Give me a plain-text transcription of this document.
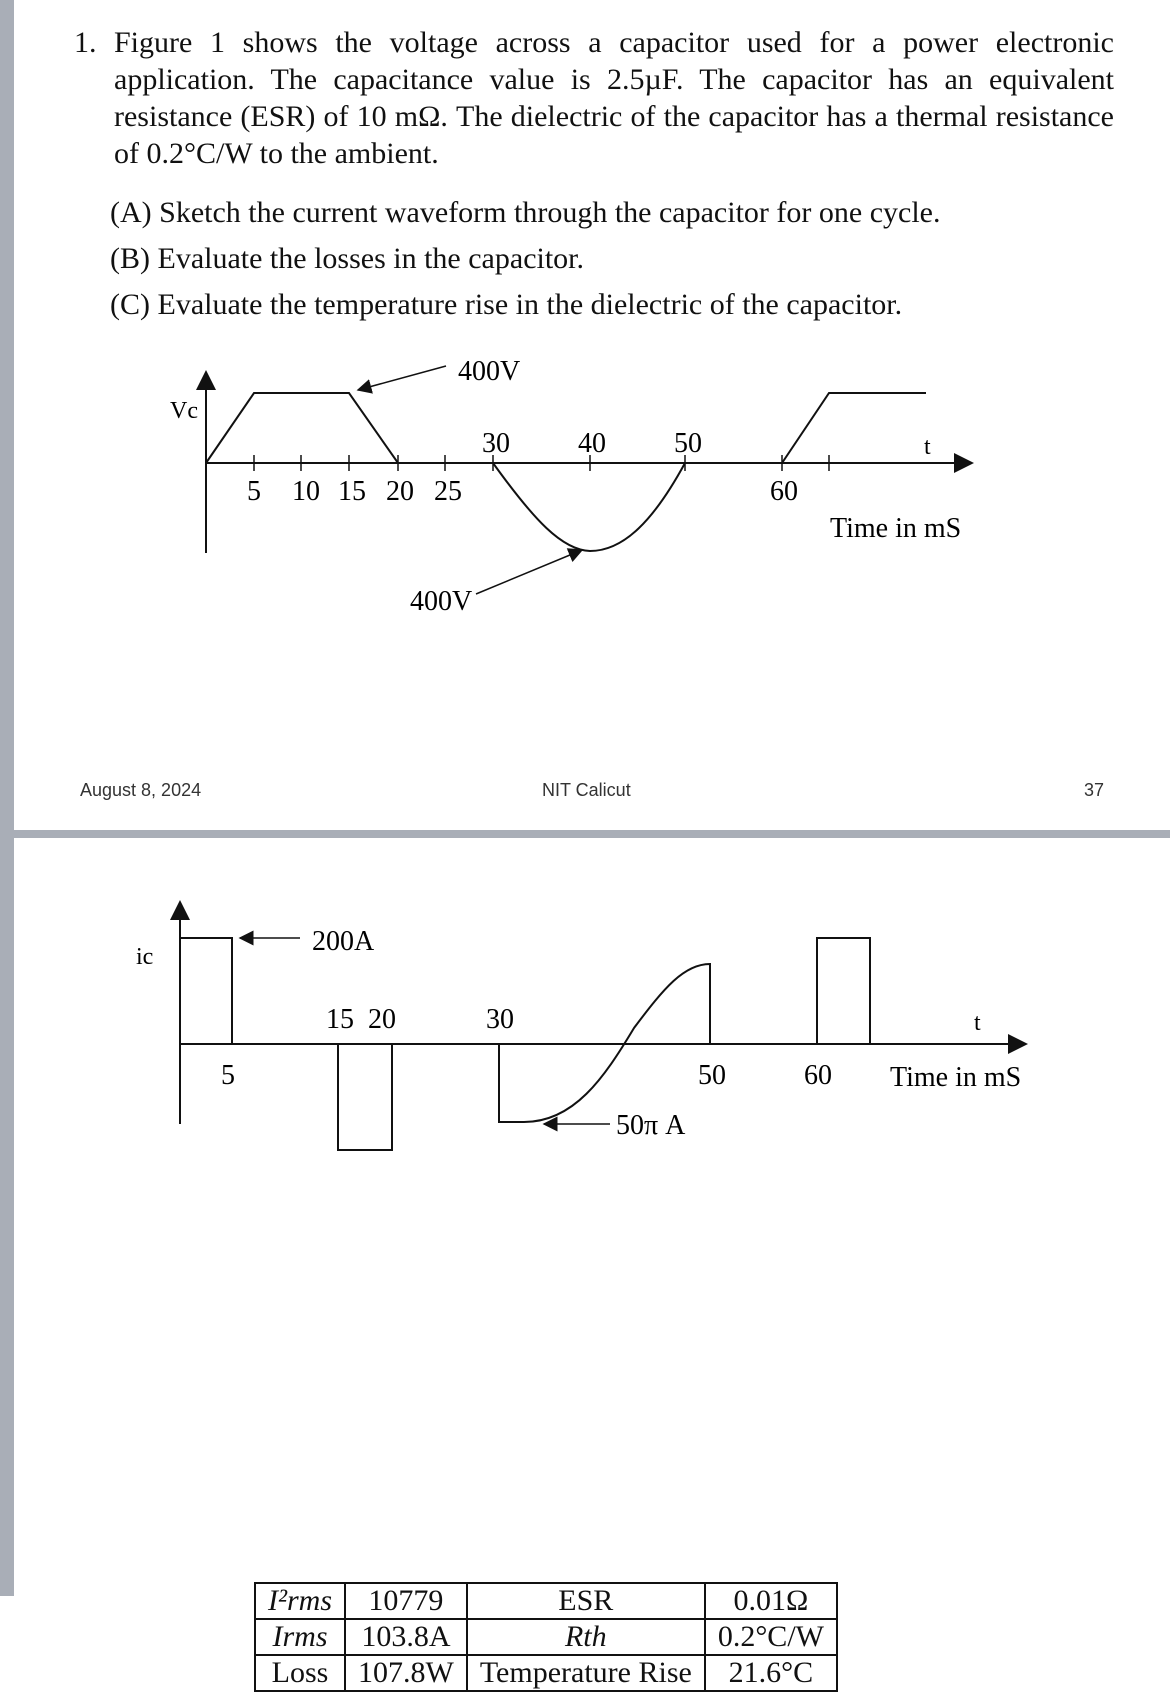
1. Figure 1 shows the voltage across a capacitor used for a power electronic application. The capacitance value is 2.5µF. The capacitor has an equivalent resistance (ESR) of 10 mΩ. The dielectric of the capacitor has a thermal resistance of 0.2°C/W to the ambient.
(A) Sketch the current waveform through the capacitor for one cycle.
(B) Evaluate the losses in the capacitor.
(C) Evaluate the temperature rise in the dielectric of the capacitor.
400V
400V
Vc
t
Time in mS
5 10 15 20 25	60
30 40 50
August 8, 2024	NIT Calicut	37
200A
50π A
ic
t
Time in mS
15  20	30
5	50	60
I²rms	10779	ESR	0.01Ω
Irms	103.8A	Rth	0.2°C/W
Loss	107.8W	Temperature Rise	21.6°C
